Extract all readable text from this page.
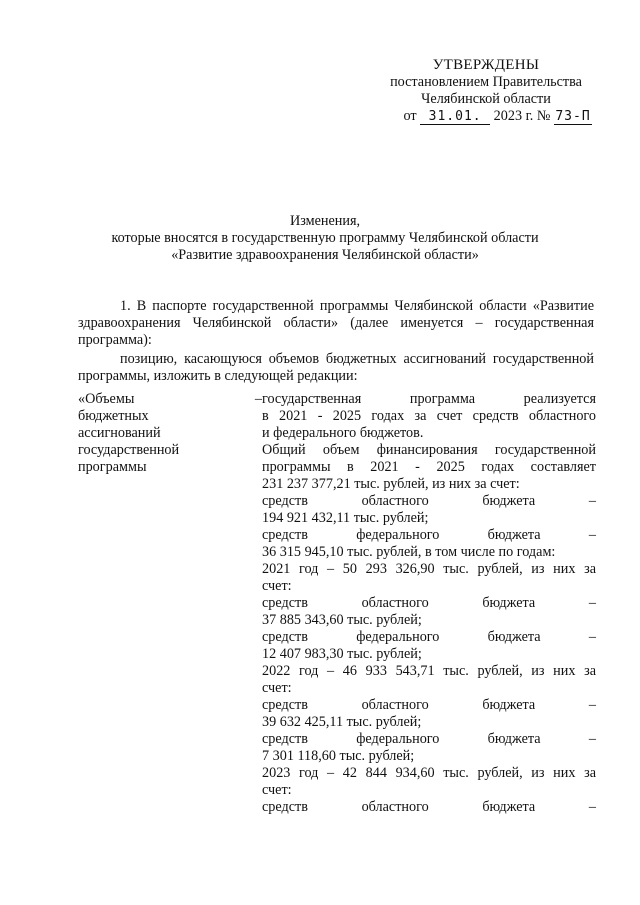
УТВЕРЖДЕНЫ
постановлением Правительства
Челябинской области
от 31.01. 2023 г. № 73-П
Изменения,
которые вносятся в государственную программу Челябинской области
«Развитие здравоохранения Челябинской области»
1. В паспорте государственной программы Челябинской области «Развитие здравоохранения Челябинской области» (далее именуется – государственная программа):
позицию, касающуюся объемов бюджетных ассигнований государственной программы, изложить в следующей редакции:
«Объемы	–
бюджетных
ассигнований
государственной
программы

государственная программа реализуется
в 2021 - 2025 годах за счет средств областного
и федерального бюджетов.
Общий объем финансирования государственной
программы в 2021 - 2025 годах составляет
231 237 377,21 тыс. рублей, из них за счет:
средств областного бюджета –
194 921 432,11 тыс. рублей;
средств федерального бюджета –
36 315 945,10 тыс. рублей, в том числе по годам:
2021 год – 50 293 326,90 тыс. рублей, из них за
счет:
средств областного бюджета –
37 885 343,60 тыс. рублей;
средств федерального бюджета –
12 407 983,30 тыс. рублей;
2022 год – 46 933 543,71 тыс. рублей, из них за
счет:
средств областного бюджета –
39 632 425,11 тыс. рублей;
средств федерального бюджета –
7 301 118,60 тыс. рублей;
2023 год – 42 844 934,60 тыс. рублей, из них за
счет:
средств областного бюджета –
